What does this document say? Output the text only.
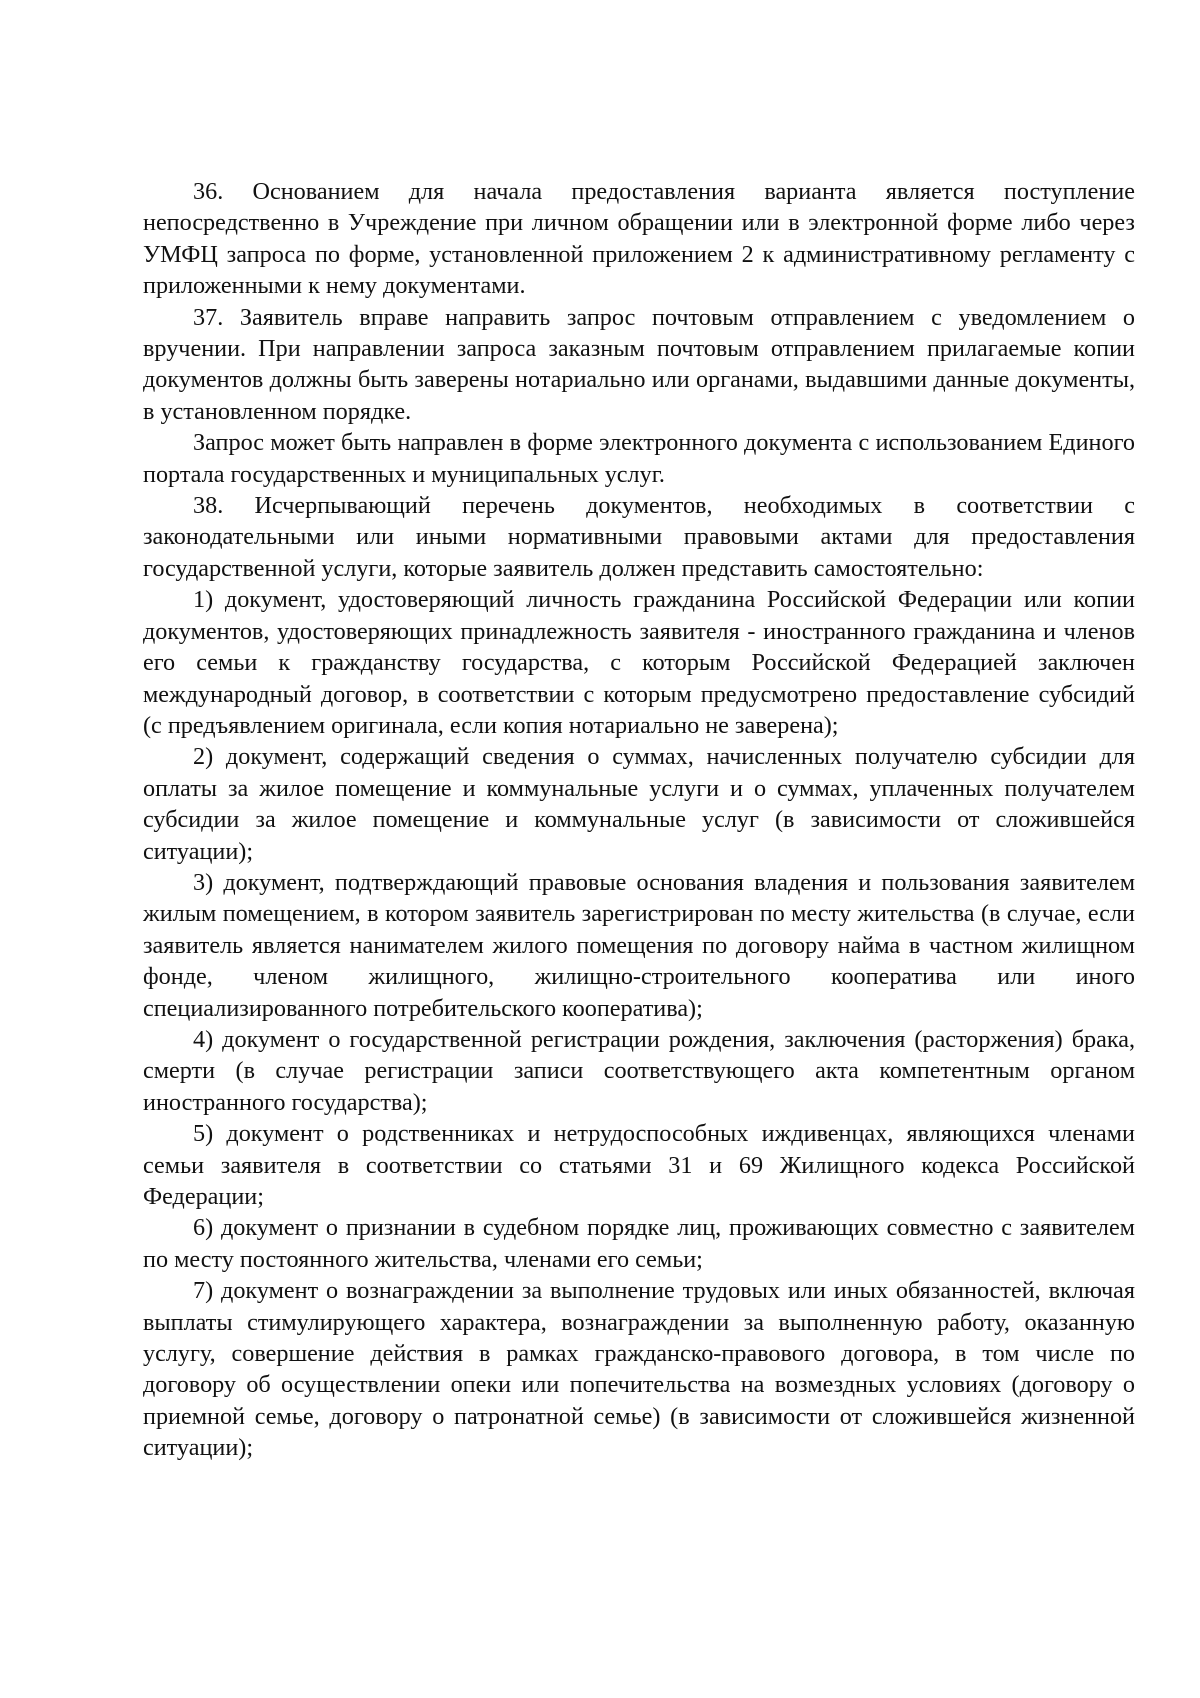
36. Основанием для начала предоставления варианта является поступление непосредственно в Учреждение при личном обращении или в электронной форме либо через УМФЦ запроса по форме, установленной приложением 2 к административному регламенту с приложенными к нему документами.

37. Заявитель вправе направить запрос почтовым отправлением с уведомлением о вручении. При направлении запроса заказным почтовым отправлением прилагаемые копии документов должны быть заверены нотариально или органами, выдавшими данные документы, в установленном порядке.

Запрос может быть направлен в форме электронного документа с использованием Единого портала государственных и муниципальных услуг.

38. Исчерпывающий перечень документов, необходимых в соответствии с законодательными или иными нормативными правовыми актами для предоставления государственной услуги, которые заявитель должен представить самостоятельно:

1) документ, удостоверяющий личность гражданина Российской Федерации или копии документов, удостоверяющих принадлежность заявителя - иностранного гражданина и членов его семьи к гражданству государства, с которым Российской Федерацией заключен международный договор, в соответствии с которым предусмотрено предоставление субсидий (с предъявлением оригинала, если копия нотариально не заверена);

2) документ, содержащий сведения о суммах, начисленных получателю субсидии для оплаты за жилое помещение и коммунальные услуги и о суммах, уплаченных получателем субсидии за жилое помещение и коммунальные услуг (в зависимости от сложившейся ситуации);

3) документ, подтверждающий правовые основания владения и пользования заявителем жилым помещением, в котором заявитель зарегистрирован по месту жительства (в случае, если заявитель является нанимателем жилого помещения по договору найма в частном жилищном фонде, членом жилищного, жилищно-строительного кооператива или иного специализированного потребительского кооператива);

4) документ о государственной регистрации рождения, заключения (расторжения) брака, смерти (в случае регистрации записи соответствующего акта компетентным органом иностранного государства);

5) документ о родственниках и нетрудоспособных иждивенцах, являющихся членами семьи заявителя в соответствии со статьями 31 и 69 Жилищного кодекса Российской Федерации;

6) документ о признании в судебном порядке лиц, проживающих совместно с заявителем по месту постоянного жительства, членами его семьи;

7) документ о вознаграждении за выполнение трудовых или иных обязанностей, включая выплаты стимулирующего характера, вознаграждении за выполненную работу, оказанную услугу, совершение действия в рамках гражданско-правового договора, в том числе по договору об осуществлении опеки или попечительства на возмездных условиях (договору о приемной семье, договору о патронатной семье) (в зависимости от сложившейся жизненной ситуации);
